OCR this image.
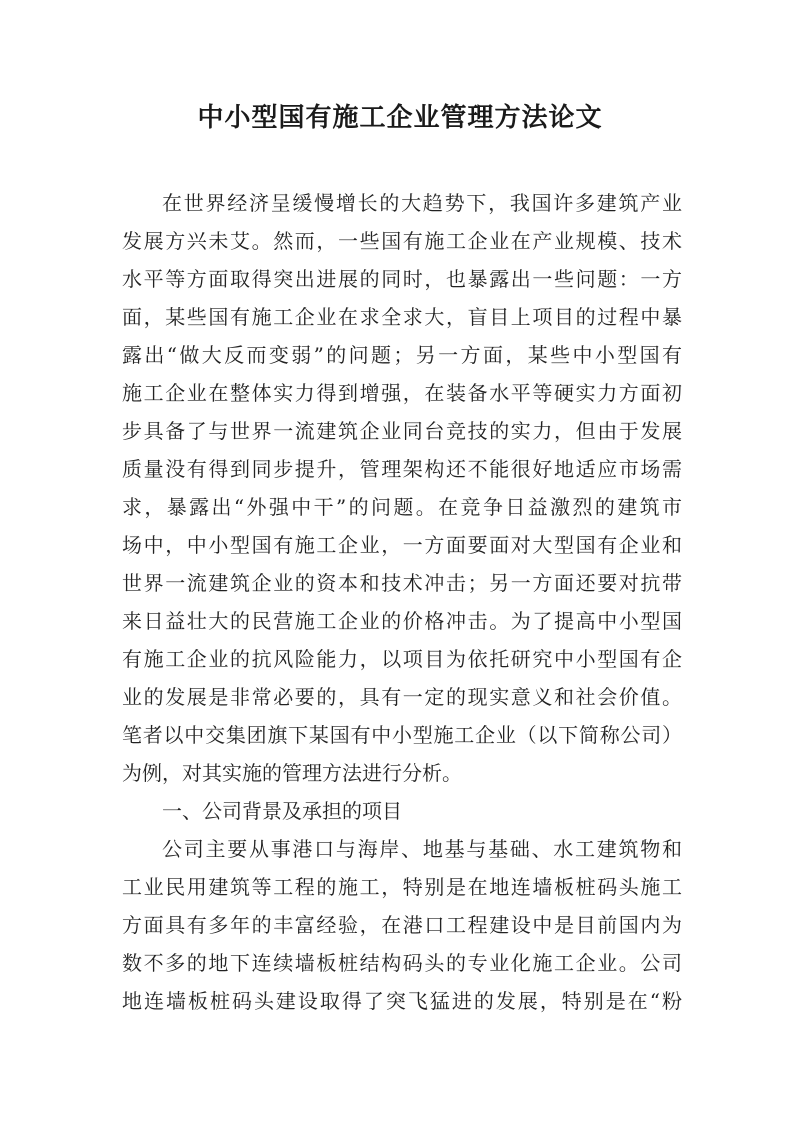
中小型国有施工企业管理方法论文
在世界经济呈缓慢增长的大趋势下，我国许多建筑产业
发展方兴未艾。然而，一些国有施工企业在产业规模、技术
水平等方面取得突出进展的同时，也暴露出一些问题：一方
面，某些国有施工企业在求全求大，盲目上项目的过程中暴
露出“做大反而变弱”的问题；另一方面，某些中小型国有
施工企业在整体实力得到增强，在装备水平等硬实力方面初
步具备了与世界一流建筑企业同台竞技的实力，但由于发展
质量没有得到同步提升，管理架构还不能很好地适应市场需
求，暴露出“外强中干”的问题。在竞争日益激烈的建筑市
场中，中小型国有施工企业，一方面要面对大型国有企业和
世界一流建筑企业的资本和技术冲击；另一方面还要对抗带
来日益壮大的民营施工企业的价格冲击。为了提高中小型国
有施工企业的抗风险能力，以项目为依托研究中小型国有企
业的发展是非常必要的，具有一定的现实意义和社会价值。
笔者以中交集团旗下某国有中小型施工企业（以下简称公司）
为例，对其实施的管理方法进行分析。
一、公司背景及承担的项目
公司主要从事港口与海岸、地基与基础、水工建筑物和
工业民用建筑等工程的施工，特别是在地连墙板桩码头施工
方面具有多年的丰富经验，在港口工程建设中是目前国内为
数不多的地下连续墙板桩结构码头的专业化施工企业。公司
地连墙板桩码头建设取得了突飞猛进的发展，特别是在“粉
